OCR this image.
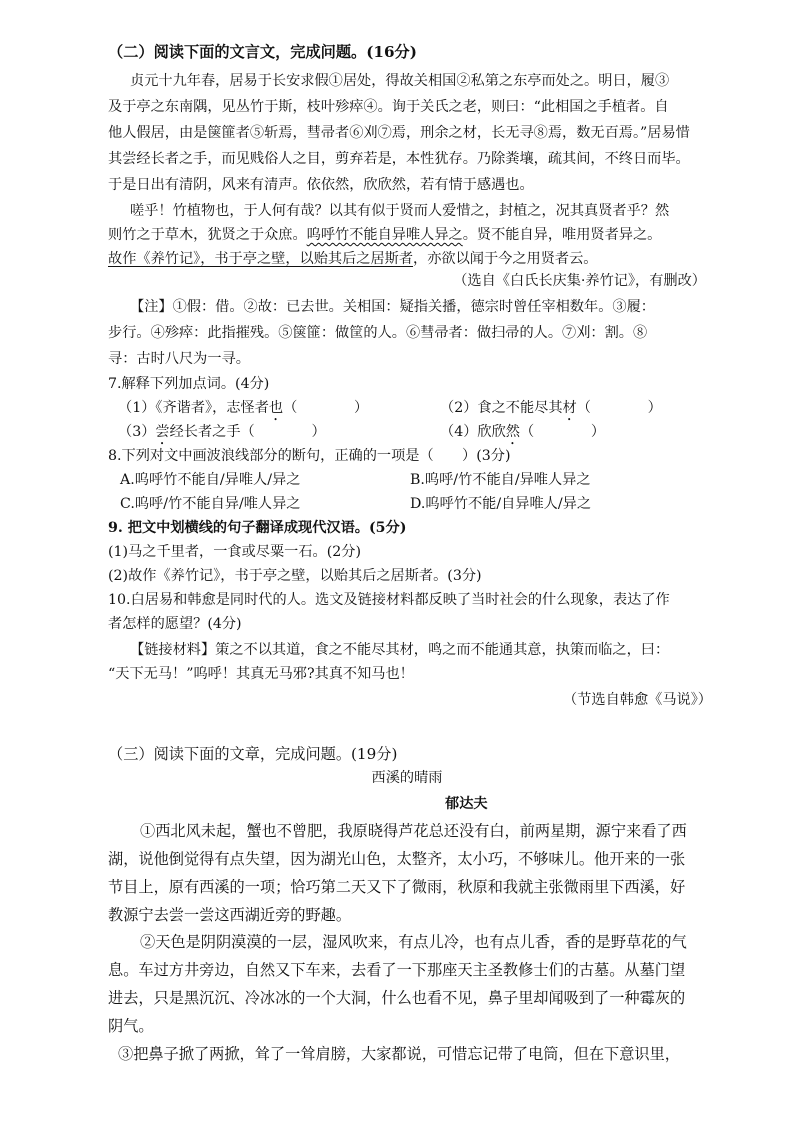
（二）阅读下面的文言文，完成问题。(16分)
贞元十九年春，居易于长安求假①居处，得故关相国②私第之东亭而处之。明日，履③
及于亭之东南隅，见丛竹于斯，枝叶殄瘁④。询于关氏之老，则曰：“此相国之手植者。自
他人假居，由是箧篚者⑤斩焉，彗帚者⑥刈⑦焉，刑余之材，长无寻⑧焉，数无百焉。”居易惜
其尝经长者之手，而见贱俗人之目，剪弃若是，本性犹存。乃除粪壤，疏其间，不终日而毕。
于是日出有清阴，风来有清声。依依然，欣欣然，若有情于感遇也。
嗟乎！竹植物也，于人何有哉？以其有似于贤而人爱惜之，封植之，况其真贤者乎？然
则竹之于草木，犹贤之于众庶。呜呼竹不能自异唯人异之。贤不能自异，唯用贤者异之。
故作《养竹记》，书于亭之壁，以贻其后之居斯者，亦欲以闻于今之用贤者云。
（选自《白氏长庆集·养竹记》，有删改）
【注】①假：借。②故：已去世。关相国：疑指关播，德宗时曾任宰相数年。③履：
步行。④殄瘁：此指摧残。⑤箧篚：做筐的人。⑥彗帚者：做扫帚的人。⑦刈：割。⑧
寻：古时八尺为一寻。
7.解释下列加点词。(4分)
（1）《齐谐者》，志怪者也（　　　　）	（2）食之不能尽其材（　　　　）
（3）尝经长者之手（　　　　）	（4）欣欣然（　　　　）
8.下列对文中画波浪线部分的断句，正确的一项是（　　）(3分)
A.呜呼竹不能自/异唯人/异之	B.呜呼/竹不能自/异唯人异之
C.呜呼/竹不能自异/唯人异之	D.呜呼竹不能/自异唯人/异之
9. 把文中划横线的句子翻译成现代汉语。(5分)
(1)马之千里者，一食或尽粟一石。(2分)
(2)故作《养竹记》，书于亭之壁，以贻其后之居斯者。(3分)
10.白居易和韩愈是同时代的人。选文及链接材料都反映了当时社会的什么现象，表达了作
者怎样的愿望？(4分)
【链接材料】策之不以其道，食之不能尽其材，鸣之而不能通其意，执策而临之，曰：
“天下无马！”呜呼！其真无马邪?其真不知马也！
（节选自韩愈《马说》）
（三）阅读下面的文章，完成问题。(19分)
西溪的晴雨
郁达夫
①西北风未起，蟹也不曾肥，我原晓得芦花总还没有白，前两星期，源宁来看了西
湖，说他倒觉得有点失望，因为湖光山色，太整齐，太小巧，不够味儿。他开来的一张
节目上，原有西溪的一项；恰巧第二天又下了微雨，秋原和我就主张微雨里下西溪，好
教源宁去尝一尝这西湖近旁的野趣。
②天色是阴阴漠漠的一层，湿风吹来，有点儿冷，也有点儿香，香的是野草花的气
息。车过方井旁边，自然又下车来，去看了一下那座天主圣教修士们的古墓。从墓门望
进去，只是黑沉沉、冷冰冰的一个大洞，什么也看不见，鼻子里却闻吸到了一种霉灰的
阴气。
③把鼻子掀了两掀，耸了一耸肩膀，大家都说，可惜忘记带了电筒，但在下意识里，
